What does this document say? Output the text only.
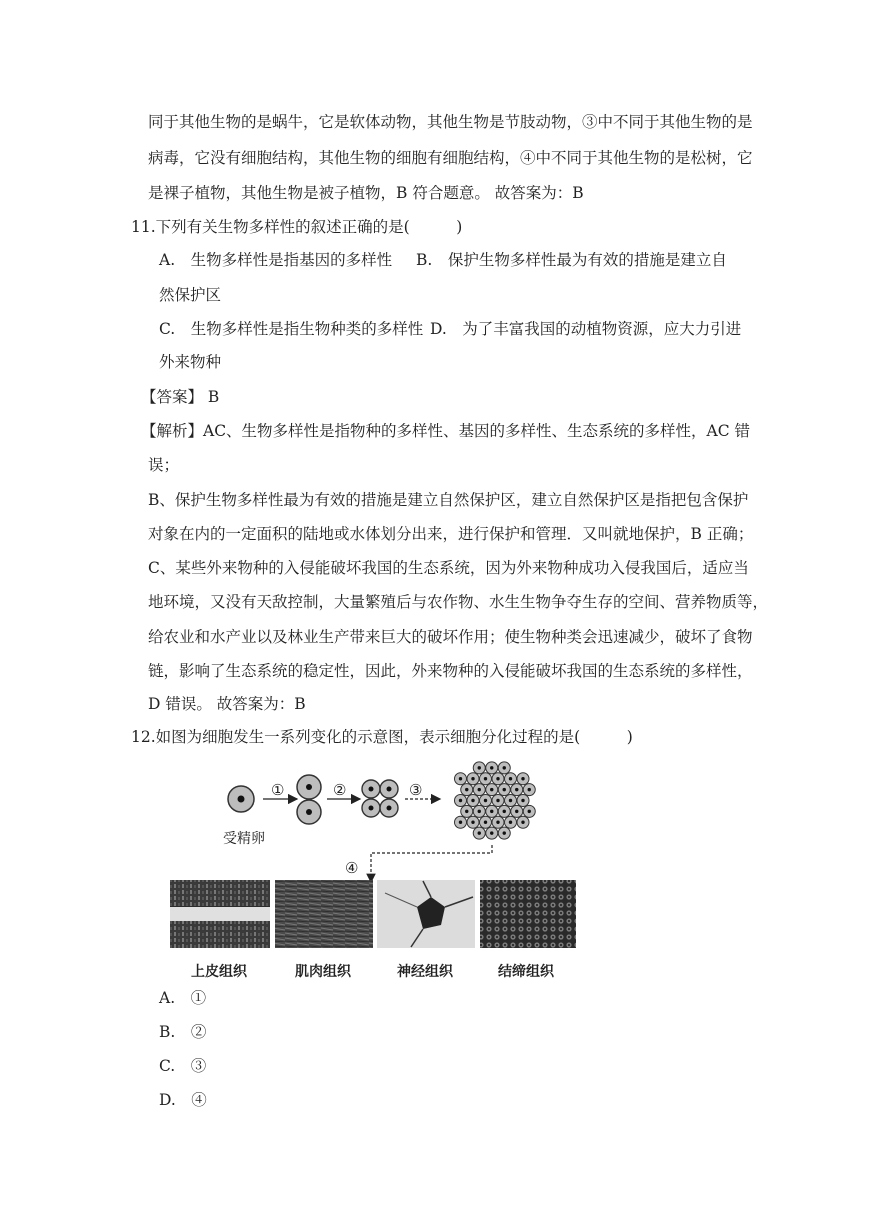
同于其他生物的是蜗牛，它是软体动物，其他生物是节肢动物，③中不同于其他生物的是
病毒，它没有细胞结构，其他生物的细胞有细胞结构，④中不同于其他生物的是松树，它
是裸子植物，其他生物是被子植物，B 符合题意。 故答案为：B
11.下列有关生物多样性的叙述正确的是(　　　)
A.　生物多样性是指基因的多样性 B.　保护生物多样性最为有效的措施是建立自
然保护区
C.　生物多样性是指生物种类的多样性 D.　为了丰富我国的动植物资源，应大力引进
外来物种
【答案】 B
【解析】AC、生物多样性是指物种的多样性、基因的多样性、生态系统的多样性，AC 错
误；
B、保护生物多样性最为有效的措施是建立自然保护区，建立自然保护区是指把包含保护
对象在内的一定面积的陆地或水体划分出来，进行保护和管理．又叫就地保护，B 正确；
C、某些外来物种的入侵能破坏我国的生态系统，因为外来物种成功入侵我国后，适应当
地环境，又没有天敌控制，大量繁殖后与农作物、水生生物争夺生存的空间、营养物质等，
给农业和水产业以及林业生产带来巨大的破坏作用；使生物种类会迅速减少，破坏了食物
链，影响了生态系统的稳定性，因此，外来物种的入侵能破坏我国的生态系统的多样性，
D 错误。 故答案为：B
12.如图为细胞发生一系列变化的示意图，表示细胞分化过程的是(　　　)
受精卵
①	②	③
④
上皮组织	肌肉组织	神经组织	结缔组织
A.　①
B.　②
C.　③
D.　④
